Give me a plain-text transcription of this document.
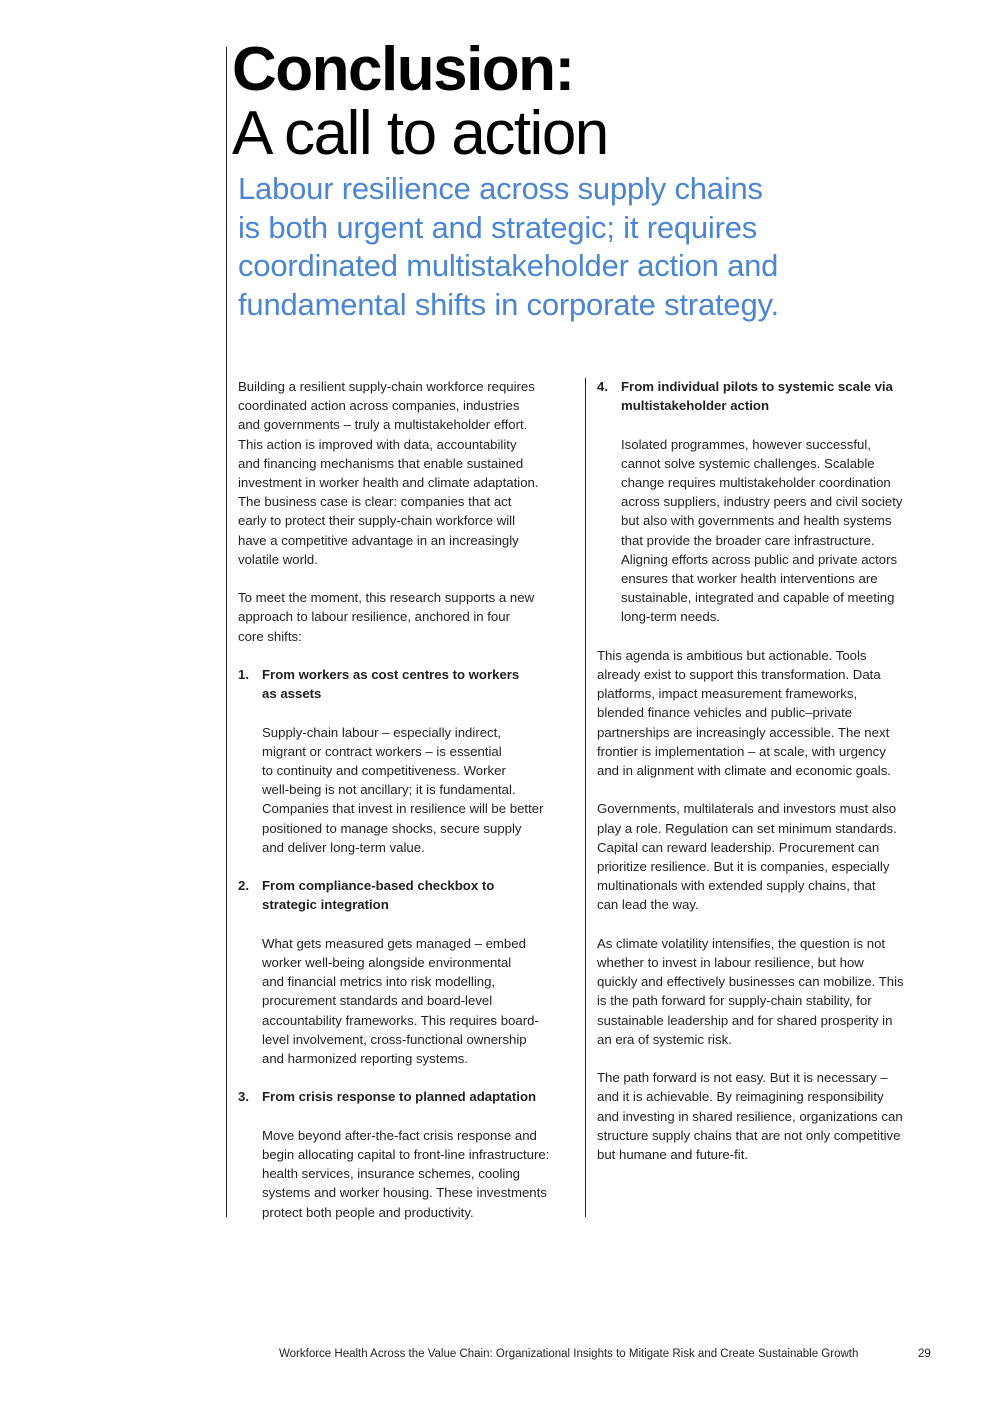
Conclusion:
A call to action

Labour resilience across supply chains
is both urgent and strategic; it requires
coordinated multistakeholder action and
fundamental shifts in corporate strategy.

Building a resilient supply-chain workforce requires
coordinated action across companies, industries
and governments – truly a multistakeholder effort.
This action is improved with data, accountability
and financing mechanisms that enable sustained
investment in worker health and climate adaptation.
The business case is clear: companies that act
early to protect their supply-chain workforce will
have a competitive advantage in an increasingly
volatile world.

To meet the moment, this research supports a new
approach to labour resilience, anchored in four
core shifts:

1. From workers as cost centres to workers
as assets
Supply-chain labour – especially indirect,
migrant or contract workers – is essential
to continuity and competitiveness. Worker
well-being is not ancillary; it is fundamental.
Companies that invest in resilience will be better
positioned to manage shocks, secure supply
and deliver long-term value.
2. From compliance-based checkbox to
strategic integration
What gets measured gets managed – embed
worker well-being alongside environmental
and financial metrics into risk modelling,
procurement standards and board-level
accountability frameworks. This requires board-
level involvement, cross-functional ownership
and harmonized reporting systems.
3. From crisis response to planned adaptation
Move beyond after-the-fact crisis response and
begin allocating capital to front-line infrastructure:
health services, insurance schemes, cooling
systems and worker housing. These investments
protect both people and productivity.
4. From individual pilots to systemic scale via
multistakeholder action
Isolated programmes, however successful,
cannot solve systemic challenges. Scalable
change requires multistakeholder coordination
across suppliers, industry peers and civil society
but also with governments and health systems
that provide the broader care infrastructure.
Aligning efforts across public and private actors
ensures that worker health interventions are
sustainable, integrated and capable of meeting
long-term needs.

This agenda is ambitious but actionable. Tools
already exist to support this transformation. Data
platforms, impact measurement frameworks,
blended finance vehicles and public–private
partnerships are increasingly accessible. The next
frontier is implementation – at scale, with urgency
and in alignment with climate and economic goals.

Governments, multilaterals and investors must also
play a role. Regulation can set minimum standards.
Capital can reward leadership. Procurement can
prioritize resilience. But it is companies, especially
multinationals with extended supply chains, that
can lead the way.

As climate volatility intensifies, the question is not
whether to invest in labour resilience, but how
quickly and effectively businesses can mobilize. This
is the path forward for supply-chain stability, for
sustainable leadership and for shared prosperity in
an era of systemic risk.

The path forward is not easy. But it is necessary –
and it is achievable. By reimagining responsibility
and investing in shared resilience, organizations can
structure supply chains that are not only competitive
but humane and future-fit.

Workforce Health Across the Value Chain: Organizational Insights to Mitigate Risk and Create Sustainable Growth	29
